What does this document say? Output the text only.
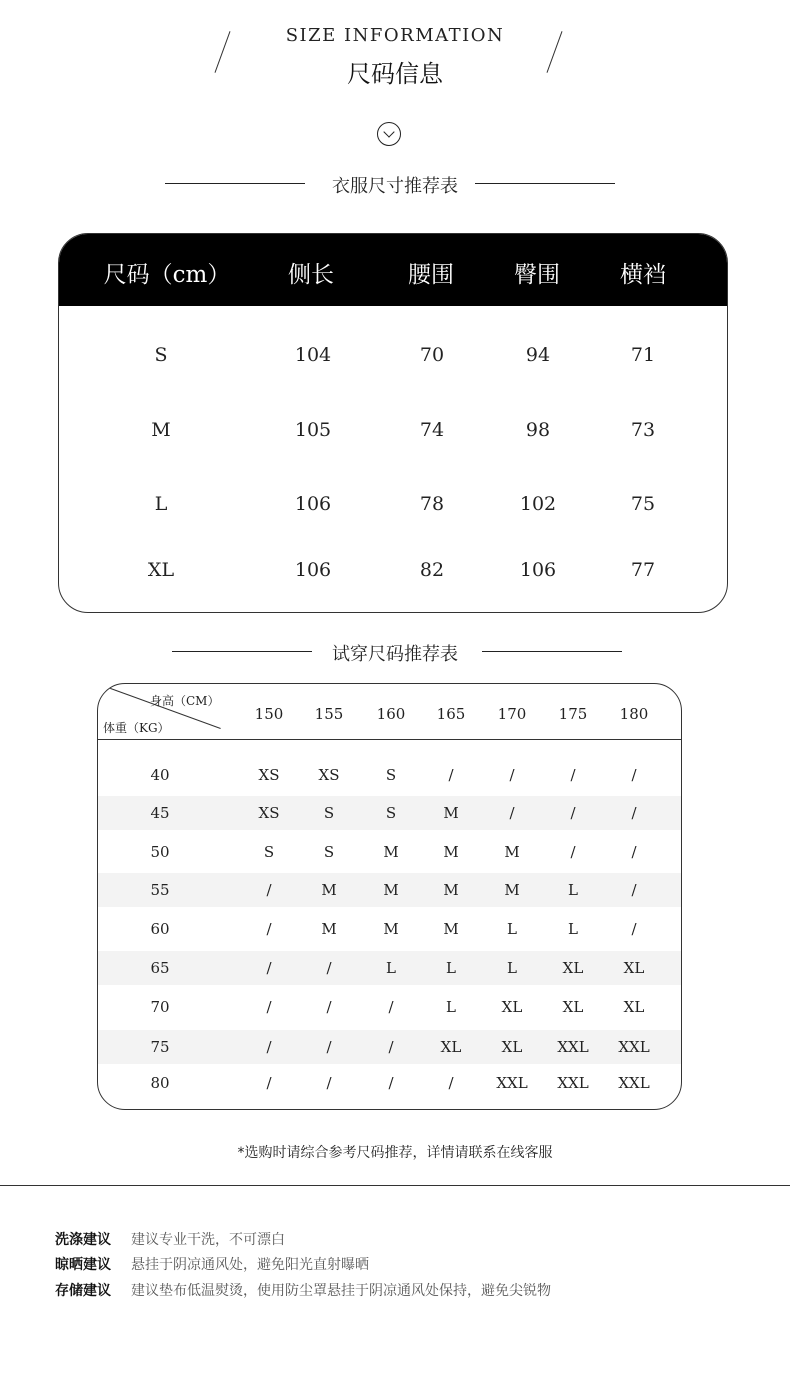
SIZE INFORMATION
尺码信息
衣服尺寸推荐表
尺码（cm）	侧长	腰围	臀围	横裆
S	104	70	94	71
M	105	74	98	73
L	106	78	102	75
XL	106	82	106	77
试穿尺码推荐表
身高（CM）
体重（KG）
150 155 160 165 170 175 180
40	XS	XS	S	/	/	/	/
45	XS	S	S	M	/	/	/
50	S	S	M	M	M	/	/
55	/	M	M	M	M	L	/
60	/	M	M	M	L	L	/
65	/	/	L	L	L	XL	XL
70	/	/	/	L	XL	XL	XL
75	/	/	/	XL	XL XXL XXL
80	/	/	/	/	XXL XXL XXL
*选购时请综合参考尺码推荐，详情请联系在线客服
洗涤建议 建议专业干洗，不可漂白
晾晒建议 悬挂于阴凉通风处，避免阳光直射曝晒
存储建议 建议垫布低温熨烫，使用防尘罩悬挂于阴凉通风处保持，避免尖锐物
